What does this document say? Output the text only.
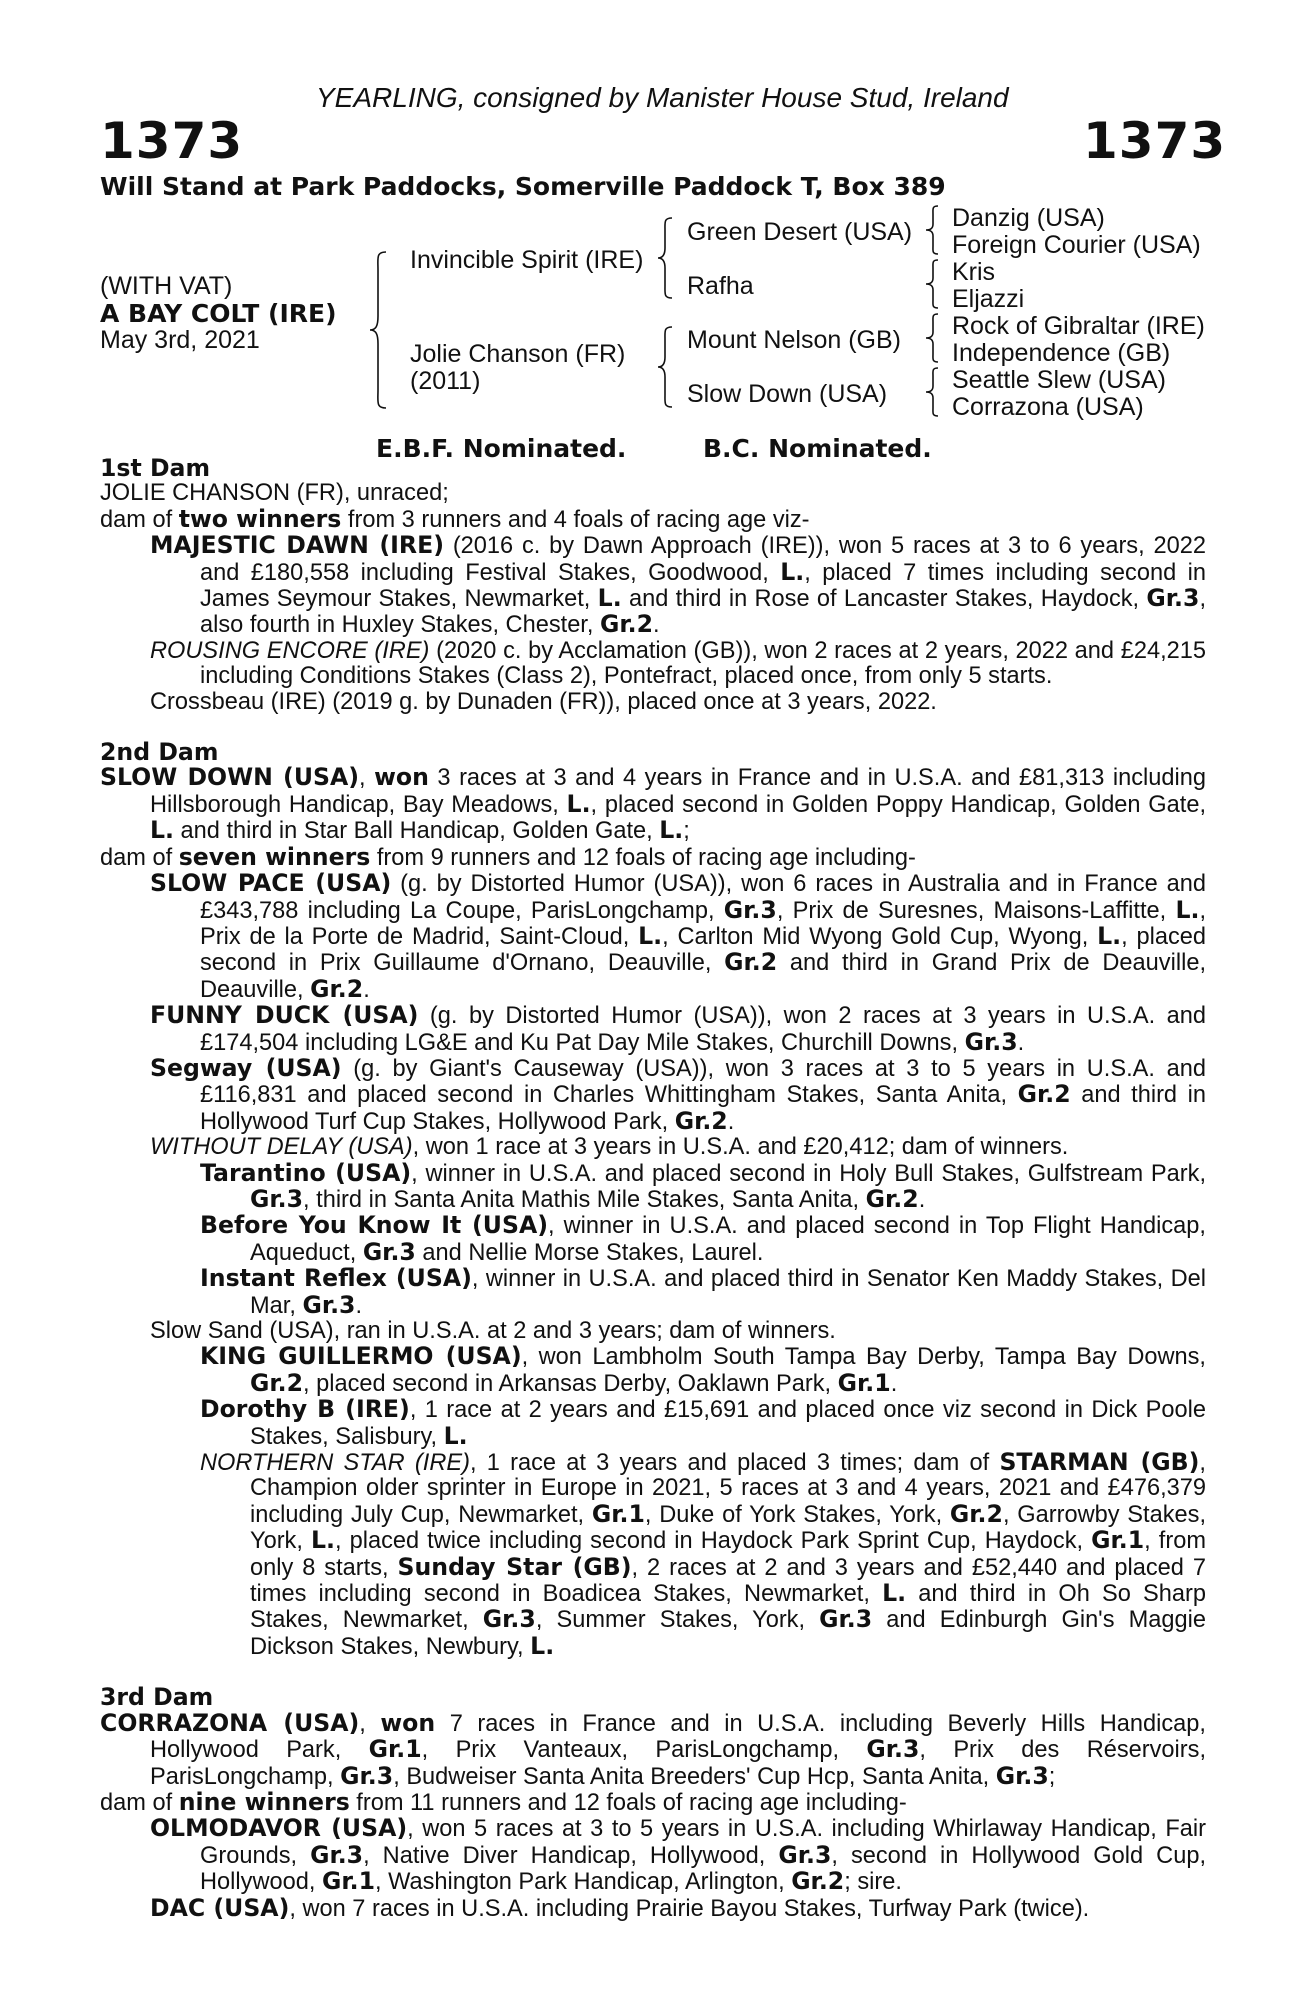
YEARLING, consigned by Manister House Stud, Ireland
1373	1373
Will Stand at Park Paddocks, Somerville Paddock T, Box 389
(WITH VAT)
A BAY COLT (IRE)
May 3rd, 2021
Invincible Spirit (IRE)
Jolie Chanson (FR)
(2011)
Green Desert (USA)
Rafha
Mount Nelson (GB)
Slow Down (USA)
Danzig (USA)
Foreign Courier (USA)
Kris
Eljazzi
Rock of Gibraltar (IRE)
Independence (GB)
Seattle Slew (USA)
Corrazona (USA)
E.B.F. Nominated.	B.C. Nominated.
1st Dam

JOLIE CHANSON (FR), unraced;

dam of two winners from 3 runners and 4 foals of racing age viz-

MAJESTIC DAWN (IRE) (2016 c. by Dawn Approach (IRE)), won 5 races at 3 to 6 years, 2022 and £180,558 including Festival Stakes, Goodwood, L., placed 7 times including second in James Seymour Stakes, Newmarket, L. and third in Rose of Lancaster Stakes, Haydock, Gr.3, also fourth in Huxley Stakes, Chester, Gr.2.

ROUSING ENCORE (IRE) (2020 c. by Acclamation (GB)), won 2 races at 2 years, 2022 and £24,215 including Conditions Stakes (Class 2), Pontefract, placed once, from only 5 starts.

Crossbeau (IRE) (2019 g. by Dunaden (FR)), placed once at 3 years, 2022.

2nd Dam

SLOW DOWN (USA), won 3 races at 3 and 4 years in France and in U.S.A. and £81,313 including Hillsborough Handicap, Bay Meadows, L., placed second in Golden Poppy Handicap, Golden Gate, L. and third in Star Ball Handicap, Golden Gate, L.;

dam of seven winners from 9 runners and 12 foals of racing age including-

SLOW PACE (USA) (g. by Distorted Humor (USA)), won 6 races in Australia and in France and £343,788 including La Coupe, ParisLongchamp, Gr.3, Prix de Suresnes, Maisons-Laffitte, L., Prix de la Porte de Madrid, Saint-Cloud, L., Carlton Mid Wyong Gold Cup, Wyong, L., placed second in Prix Guillaume d'Ornano, Deauville, Gr.2 and third in Grand Prix de Deauville, Deauville, Gr.2.

FUNNY DUCK (USA) (g. by Distorted Humor (USA)), won 2 races at 3 years in U.S.A. and £174,504 including LG&E and Ku Pat Day Mile Stakes, Churchill Downs, Gr.3.

Segway (USA) (g. by Giant's Causeway (USA)), won 3 races at 3 to 5 years in U.S.A. and £116,831 and placed second in Charles Whittingham Stakes, Santa Anita, Gr.2 and third in Hollywood Turf Cup Stakes, Hollywood Park, Gr.2.

WITHOUT DELAY (USA), won 1 race at 3 years in U.S.A. and £20,412; dam of winners.

Tarantino (USA), winner in U.S.A. and placed second in Holy Bull Stakes, Gulfstream Park, Gr.3, third in Santa Anita Mathis Mile Stakes, Santa Anita, Gr.2.

Before You Know It (USA), winner in U.S.A. and placed second in Top Flight Handicap, Aqueduct, Gr.3 and Nellie Morse Stakes, Laurel.

Instant Reflex (USA), winner in U.S.A. and placed third in Senator Ken Maddy Stakes, Del Mar, Gr.3.

Slow Sand (USA), ran in U.S.A. at 2 and 3 years; dam of winners.

KING GUILLERMO (USA), won Lambholm South Tampa Bay Derby, Tampa Bay Downs, Gr.2, placed second in Arkansas Derby, Oaklawn Park, Gr.1.

Dorothy B (IRE), 1 race at 2 years and £15,691 and placed once viz second in Dick Poole Stakes, Salisbury, L.

NORTHERN STAR (IRE), 1 race at 3 years and placed 3 times; dam of STARMAN (GB), Champion older sprinter in Europe in 2021, 5 races at 3 and 4 years, 2021 and £476,379 including July Cup, Newmarket, Gr.1, Duke of York Stakes, York, Gr.2, Garrowby Stakes, York, L., placed twice including second in Haydock Park Sprint Cup, Haydock, Gr.1, from only 8 starts, Sunday Star (GB), 2 races at 2 and 3 years and £52,440 and placed 7 times including second in Boadicea Stakes, Newmarket, L. and third in Oh So Sharp Stakes, Newmarket, Gr.3, Summer Stakes, York, Gr.3 and Edinburgh Gin's Maggie Dickson Stakes, Newbury, L.

3rd Dam

CORRAZONA (USA), won 7 races in France and in U.S.A. including Beverly Hills Handicap, Hollywood Park, Gr.1, Prix Vanteaux, ParisLongchamp, Gr.3, Prix des Réservoirs, ParisLongchamp, Gr.3, Budweiser Santa Anita Breeders' Cup Hcp, Santa Anita, Gr.3;

dam of nine winners from 11 runners and 12 foals of racing age including-

OLMODAVOR (USA), won 5 races at 3 to 5 years in U.S.A. including Whirlaway Handicap, Fair Grounds, Gr.3, Native Diver Handicap, Hollywood, Gr.3, second in Hollywood Gold Cup, Hollywood, Gr.1, Washington Park Handicap, Arlington, Gr.2; sire.

DAC (USA), won 7 races in U.S.A. including Prairie Bayou Stakes, Turfway Park (twice).
